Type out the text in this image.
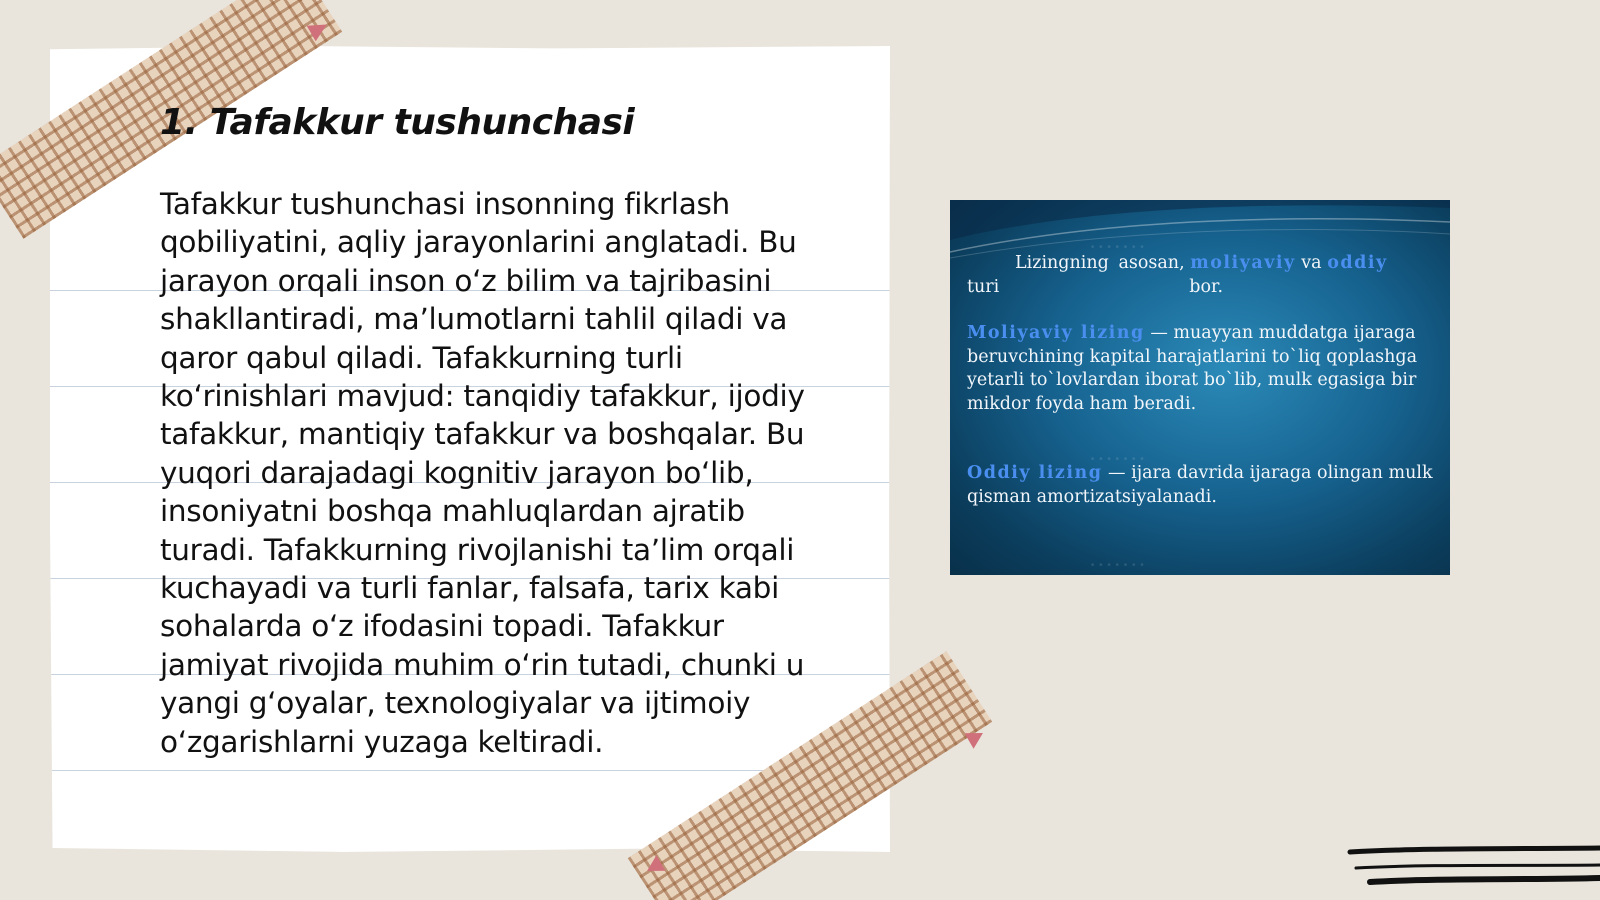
1. Tafakkur tushunchasi

Tafakkur tushunchasi insonning fikrlash qobiliyatini, aqliy jarayonlarini anglatadi. Bu jarayon orqali inson o‘z bilim va tajribasini shakllantiradi, ma’lumotlarni tahlil qiladi va qaror qabul qiladi. Tafakkurning turli ko‘rinishlari mavjud: tanqidiy tafakkur, ijodiy tafakkur, mantiqiy tafakkur va boshqalar. Bu yuqori darajadagi kognitiv jarayon bo‘lib, insoniyatni boshqa mahluqlardan ajratib turadi. Tafakkurning rivojlanishi ta’lim orqali kuchayadi va turli fanlar, falsafa, tarix kabi sohalarda o‘z ifodasini topadi. Tafakkur jamiyat rivojida muhim o‘rin tutadi, chunki u yangi g‘oyalar, texnologiyalar va ijtimoiy o‘zgarishlarni yuzaga keltiradi.

·······
·······
·······
Lizingning asosan, moliyaviy va oddiy
turi	bor.
Moliyaviy lizing — muayyan muddatga ijaraga beruvchining kapital harajatlarini to`liq qoplashga yetarli to`lovlardan iborat bo`lib, mulk egasiga bir mikdor foyda ham beradi.
Oddiy lizing — ijara davrida ijaraga olingan mulk qisman amortizatsiyalanadi.
